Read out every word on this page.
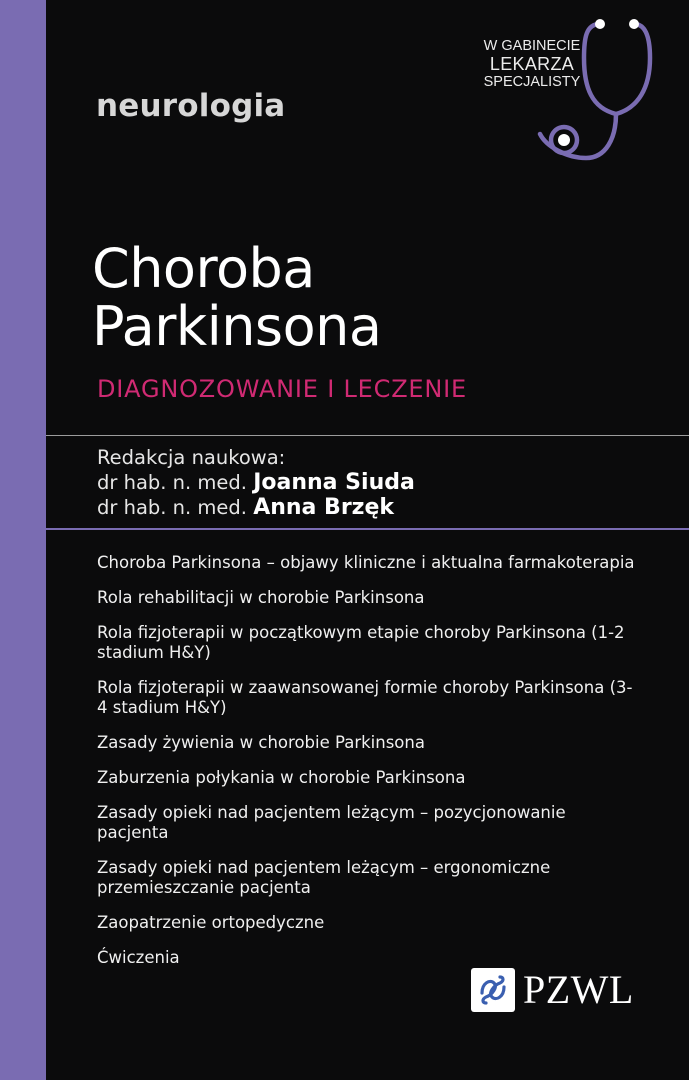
neurologia
W GABINECIE
LEKARZA
SPECJALISTY
Choroba
Parkinsona
DIAGNOZOWANIE I LECZENIE
Redakcja naukowa:
dr hab. n. med. Joanna Siuda
dr hab. n. med. Anna Brzęk
Choroba Parkinsona – objawy kliniczne i aktualna farmakoterapia
Rola rehabilitacji w chorobie Parkinsona
Rola fizjoterapii w początkowym etapie choroby Parkinsona (1-2 stadium H&Y)
Rola fizjoterapii w zaawansowanej formie choroby Parkinsona (3-4 stadium H&Y)
Zasady żywienia w chorobie Parkinsona
Zaburzenia połykania w chorobie Parkinsona
Zasady opieki nad pacjentem leżącym – pozycjonowanie pacjenta
Zasady opieki nad pacjentem leżącym – ergonomiczne przemieszczanie pacjenta
Zaopatrzenie ortopedyczne
Ćwiczenia
PZWL
